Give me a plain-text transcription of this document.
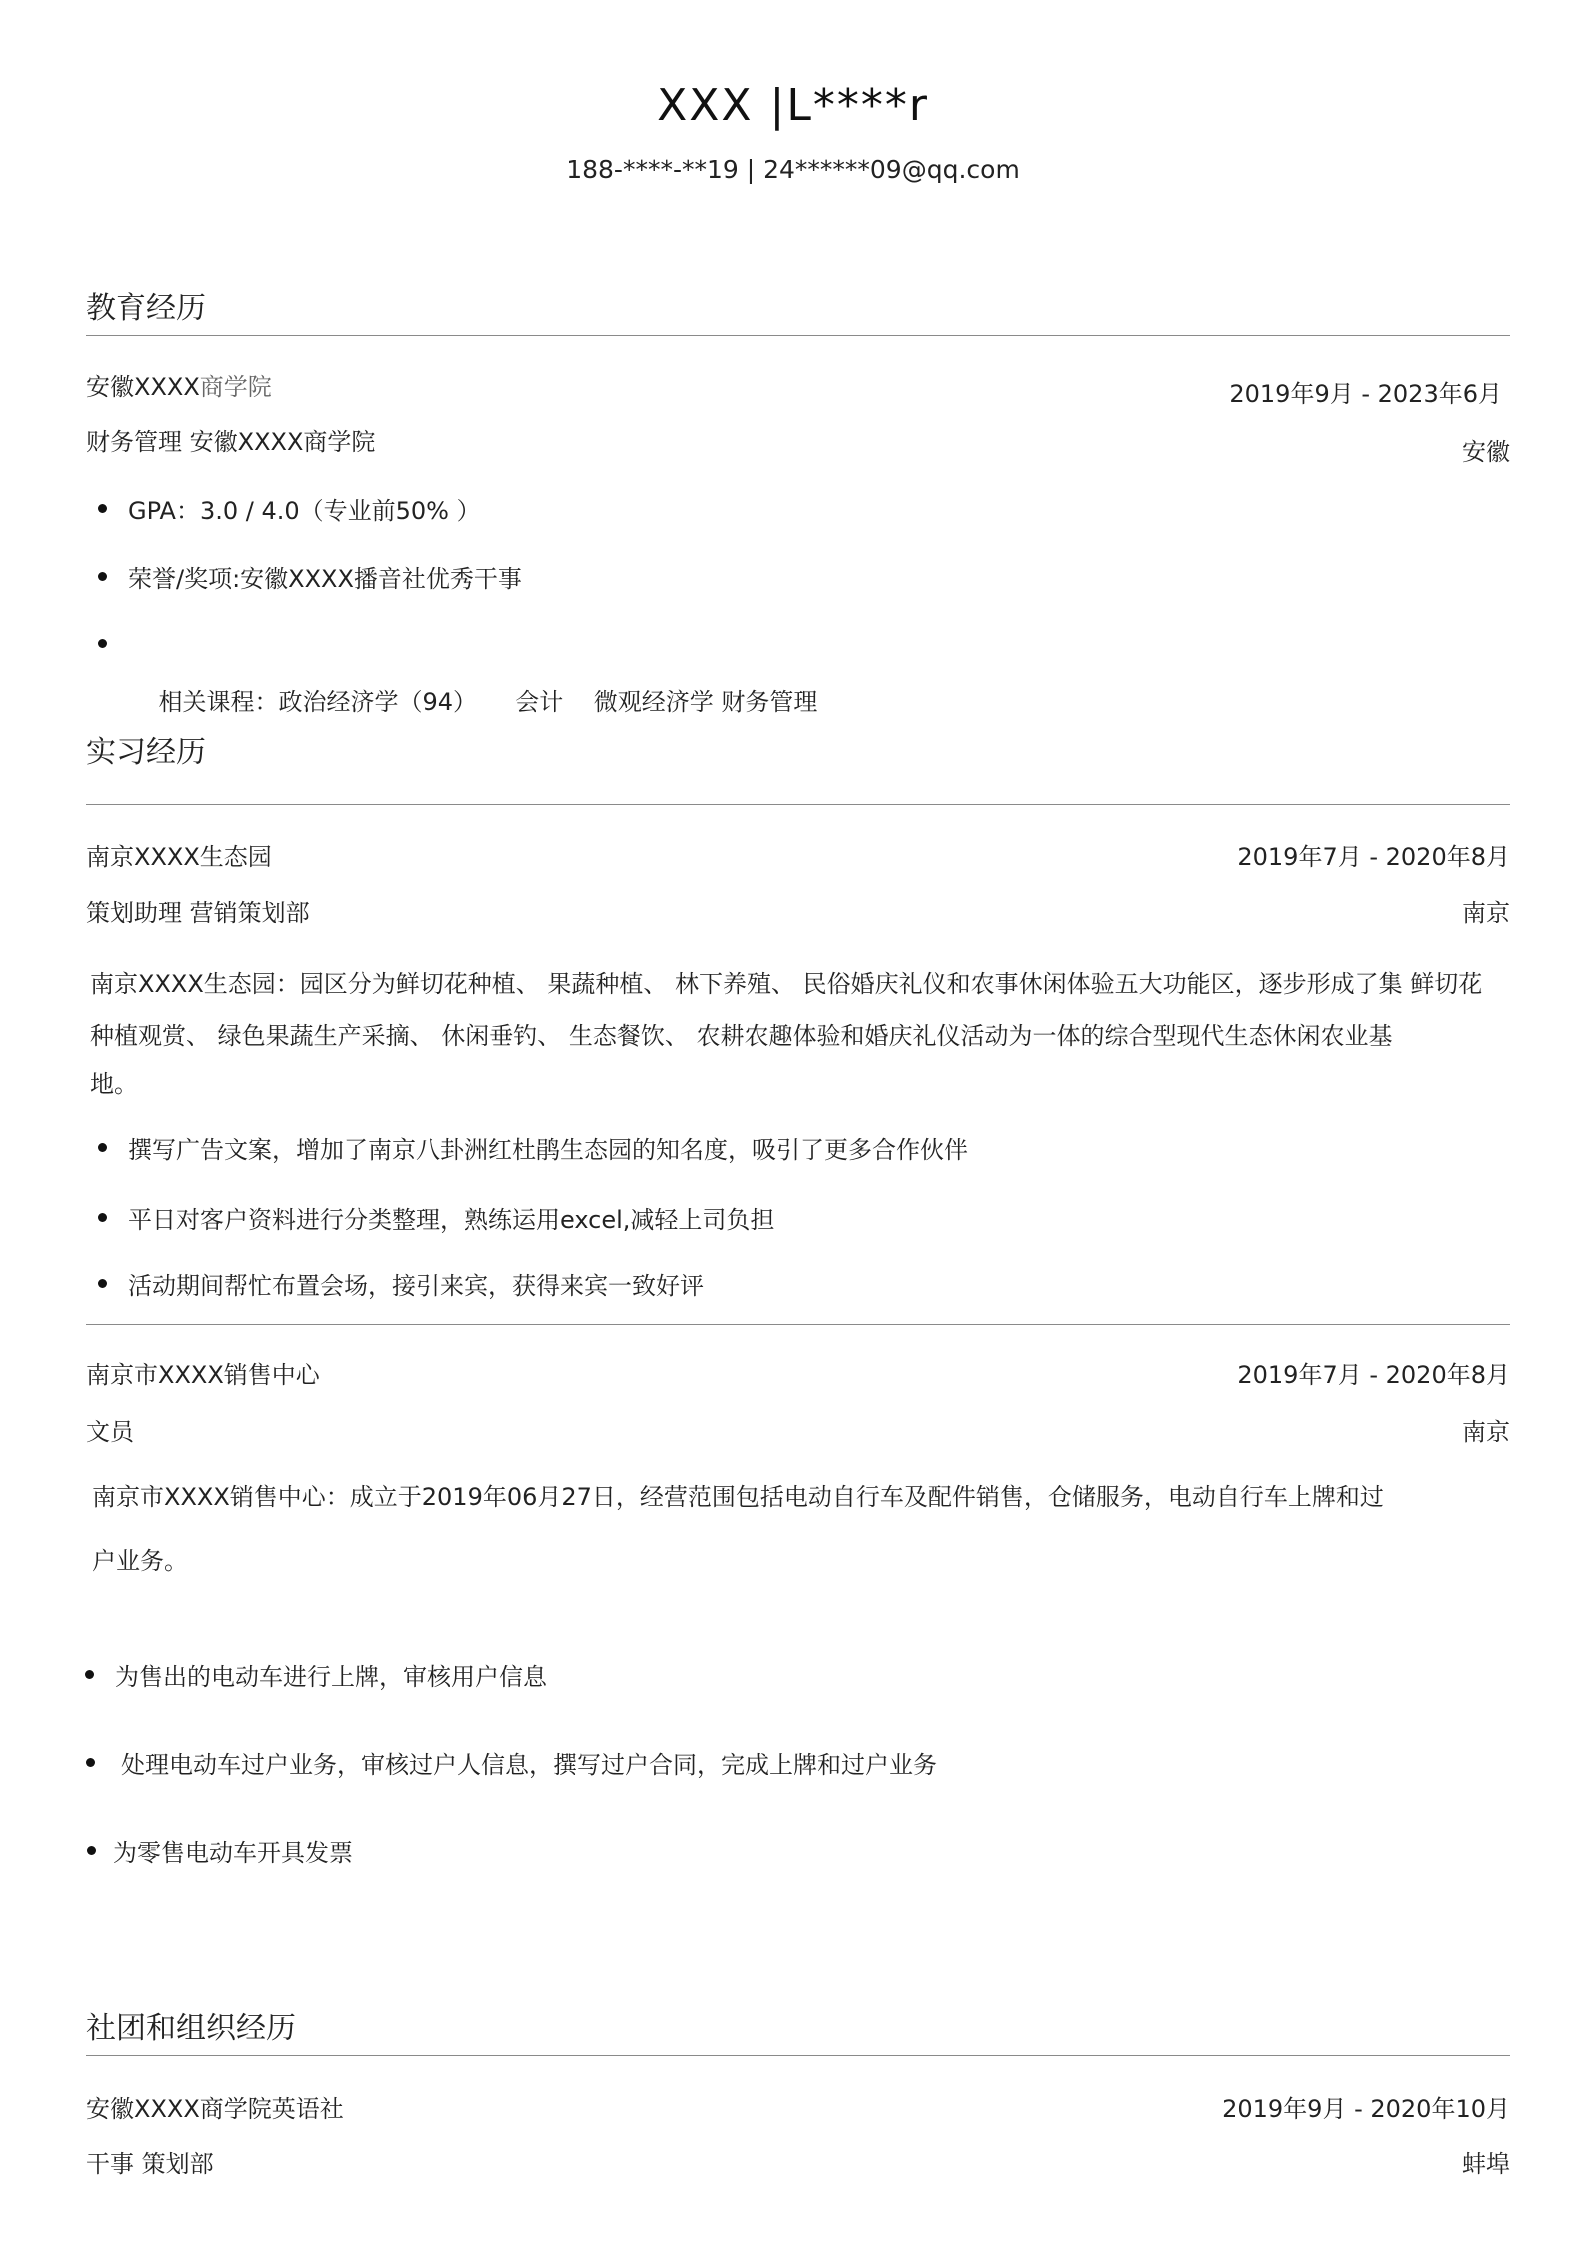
XXX |L****r
188-****-**19 | 24******09@qq.com
教育经历
安徽XXXX商学院	2019年9月 - 2023年6月
财务管理 安徽XXXX商学院	安徽
GPA：3.0 / 4.0（专业前50% ）
荣誉/奖项:安徽XXXX播音社优秀干事

相关课程：政治经济学（94）     会计    微观经济学 财务管理

实习经历
南京XXXX生态园	2019年7月 - 2020年8月
策划助理 营销策划部	南京
南京XXXX生态园：园区分为鲜切花种植、 果蔬种植、 林下养殖、 民俗婚庆礼仪和农事休闲体验五大功能区，逐步形成了集 鲜切花
种植观赏、 绿色果蔬生产采摘、 休闲垂钓、 生态餐饮、 农耕农趣体验和婚庆礼仪活动为一体的综合型现代生态休闲农业基
地。
撰写广告文案，增加了南京八卦洲红杜鹃生态园的知名度，吸引了更多合作伙伴
平日对客户资料进行分类整理，熟练运用excel,减轻上司负担
活动期间帮忙布置会场，接引来宾，获得来宾一致好评
南京市XXXX销售中心	2019年7月 - 2020年8月
文员	南京
南京市XXXX销售中心：成立于2019年06月27日，经营范围包括电动自行车及配件销售，仓储服务，电动自行车上牌和过
户业务。
为售出的电动车进行上牌，审核用户信息
处理电动车过户业务，审核过户人信息，撰写过户合同，完成上牌和过户业务
为零售电动车开具发票
社团和组织经历
安徽XXXX商学院英语社	2019年9月 - 2020年10月
干事 策划部	蚌埠
